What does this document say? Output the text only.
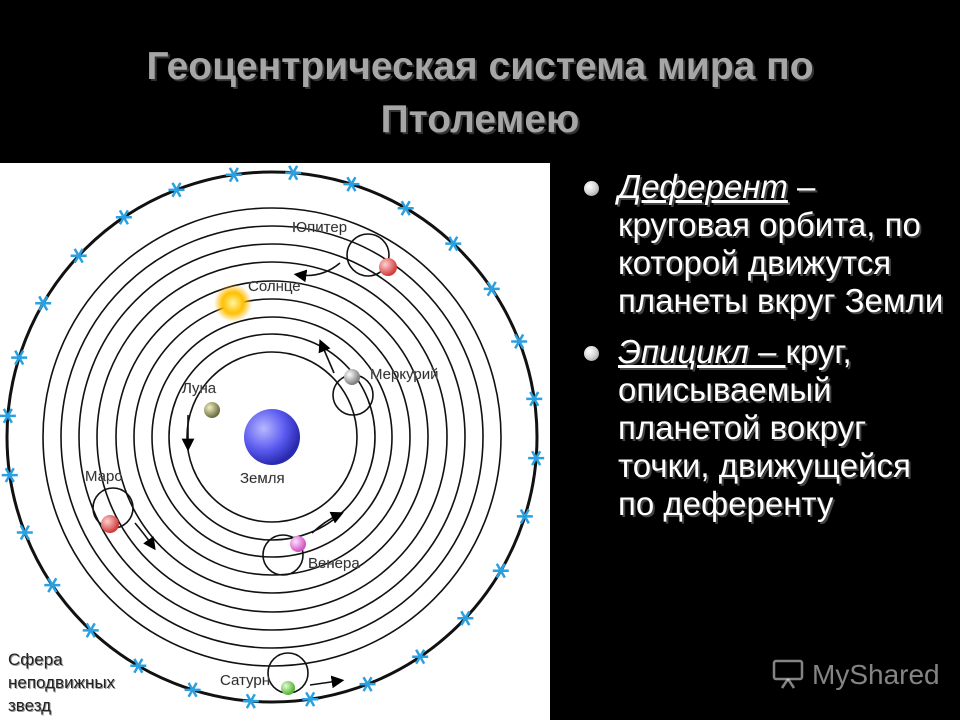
Геоцентрическая система мира по
Птолемею
Юпитер
Солнце
Меркурий
Луна
Земля
Марс
Венера
Сатурн
Сфера
неподвижных
звезд
Деферент – круговая орбита, по которой движутся планеты вкруг Земли
Эпицикл – круг, описываемый планетой вокруг точки, движущейся по деференту
MyShared
